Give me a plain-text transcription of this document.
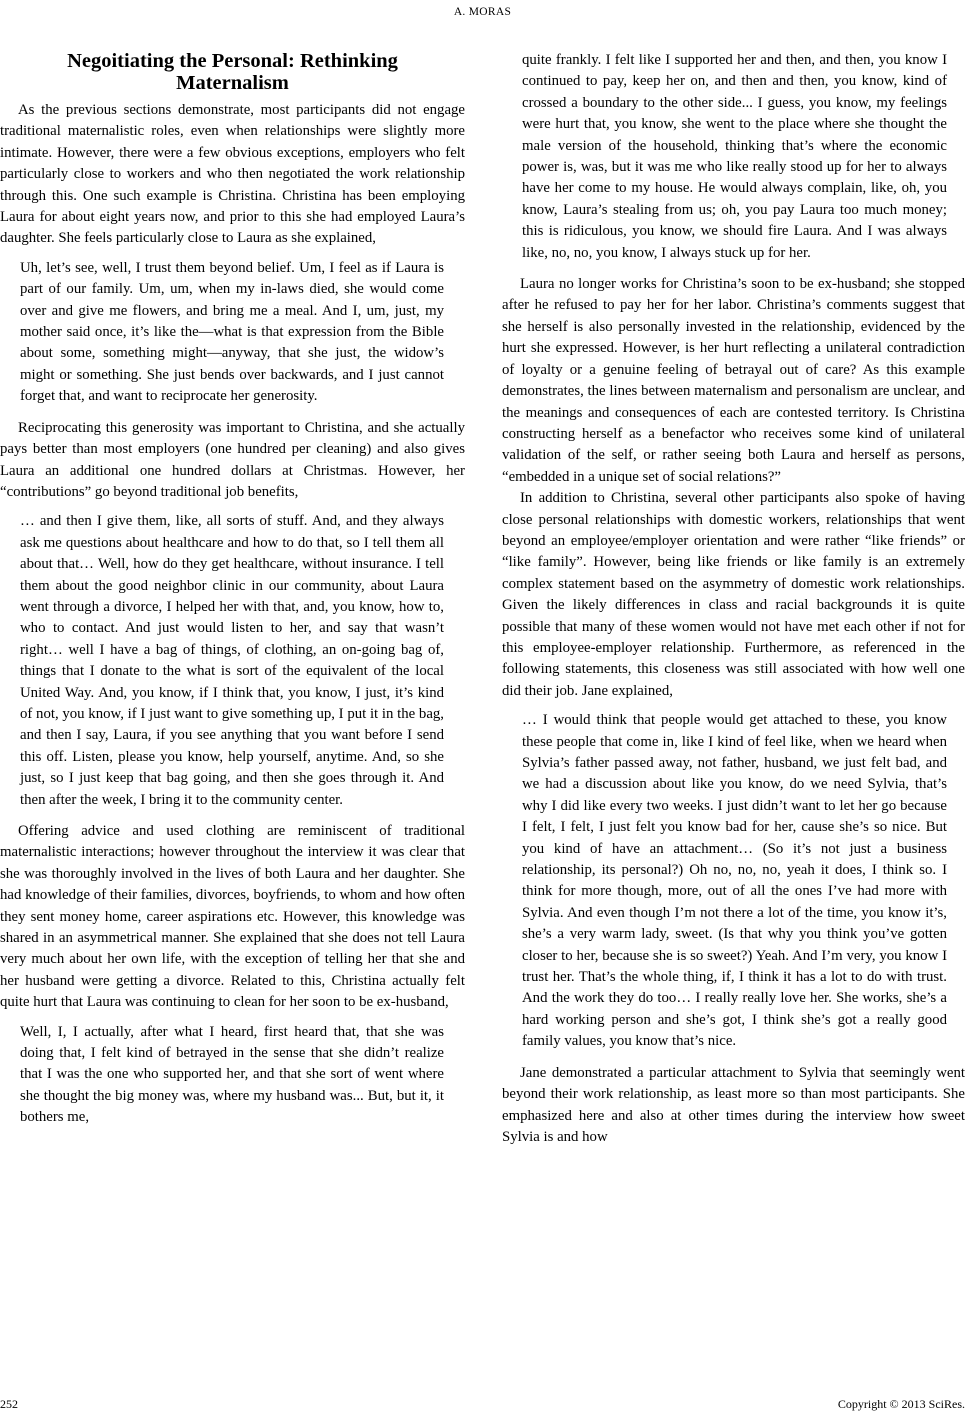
A. MORAS
Negoitiating the Personal: Rethinking Maternalism

As the previous sections demonstrate, most participants did not engage traditional maternalistic roles, even when relationships were slightly more intimate. However, there were a few obvious exceptions, employers who felt particularly close to workers and who then negotiated the work relationship through this. One such example is Christina. Christina has been employing Laura for about eight years now, and prior to this she had employed Laura’s daughter. She feels particularly close to Laura as she explained,

Uh, let’s see, well, I trust them beyond belief. Um, I feel as if Laura is part of our family. Um, um, when my in-laws died, she would come over and give me flowers, and bring me a meal. And I, um, just, my mother said once, it’s like the—what is that expression from the Bible about some, something might—anyway, that she just, the widow’s might or something. She just bends over backwards, and I just cannot forget that, and want to reciprocate her generosity.

Reciprocating this generosity was important to Christina, and she actually pays better than most employers (one hundred per cleaning) and also gives Laura an additional one hundred dollars at Christmas. However, her “contributions” go beyond traditional job benefits,

… and then I give them, like, all sorts of stuff. And, and they always ask me questions about healthcare and how to do that, so I tell them all about that… Well, how do they get healthcare, without insurance. I tell them about the good neighbor clinic in our community, about Laura went through a divorce, I helped her with that, and, you know, how to, who to contact. And just would listen to her, and say that wasn’t right… well I have a bag of things, of clothing, an on-going bag of, things that I donate to the what is sort of the equivalent of the local United Way. And, you know, if I think that, you know, I just, it’s kind of not, you know, if I just want to give something up, I put it in the bag, and then I say, Laura, if you see anything that you want before I send this off. Listen, please you know, help yourself, anytime. And, so she just, so I just keep that bag going, and then she goes through it. And then after the week, I bring it to the community center.

Offering advice and used clothing are reminiscent of traditional maternalistic interactions; however throughout the interview it was clear that she was thoroughly involved in the lives of both Laura and her daughter. She had knowledge of their families, divorces, boyfriends, to whom and how often they sent money home, career aspirations etc. However, this knowledge was shared in an asymmetrical manner. She explained that she does not tell Laura very much about her own life, with the exception of telling her that she and her husband were getting a divorce. Related to this, Christina actually felt quite hurt that Laura was continuing to clean for her soon to be ex-husband,

Well, I, I actually, after what I heard, first heard that, that she was doing that, I felt kind of betrayed in the sense that she didn’t realize that I was the one who supported her, and that she sort of went where she thought the big money was, where my husband was... But, but it, it bothers me,
quite frankly. I felt like I supported her and then, and then, you know I continued to pay, keep her on, and then and then, you know, kind of crossed a boundary to the other side... I guess, you know, my feelings were hurt that, you know, she went to the place where she thought the male version of the household, thinking that’s where the economic power is, was, but it was me who like really stood up for her to always have her come to my house. He would always complain, like, oh, you know, Laura’s stealing from us; oh, you pay Laura too much money; this is ridiculous, you know, we should fire Laura. And I was always like, no, no, you know, I always stuck up for her.

Laura no longer works for Christina’s soon to be ex-husband; she stopped after he refused to pay her for her labor. Christina’s comments suggest that she herself is also personally invested in the relationship, evidenced by the hurt she expressed. However, is her hurt reflecting a unilateral contradiction of loyalty or a genuine feeling of betrayal out of care? As this example demonstrates, the lines between maternalism and personalism are unclear, and the meanings and consequences of each are contested territory. Is Christina constructing herself as a benefactor who receives some kind of unilateral validation of the self, or rather seeing both Laura and herself as persons, “embedded in a unique set of social relations?”

In addition to Christina, several other participants also spoke of having close personal relationships with domestic workers, relationships that went beyond an employee/employer orientation and were rather “like friends” or “like family”. However, being like friends or like family is an extremely complex statement based on the asymmetry of domestic work relationships. Given the likely differences in class and racial backgrounds it is quite possible that many of these women would not have met each other if not for this employee-employer relationship. Furthermore, as referenced in the following statements, this closeness was still associated with how well one did their job. Jane explained,

… I would think that people would get attached to these, you know these people that come in, like I kind of feel like, when we heard when Sylvia’s father passed away, not father, husband, we just felt bad, and we had a discussion about like you know, do we need Sylvia, that’s why I did like every two weeks. I just didn’t want to let her go because I felt, I felt, I just felt you know bad for her, cause she’s so nice. But you kind of have an attachment… (So it’s not just a business relationship, its personal?) Oh no, no, no, yeah it does, I think so. I think for more though, more, out of all the ones I’ve had more with Sylvia. And even though I’m not there a lot of the time, you know it’s, she’s a very warm lady, sweet. (Is that why you think you’ve gotten closer to her, because she is so sweet?) Yeah. And I’m very, you know I trust her. That’s the whole thing, if, I think it has a lot to do with trust. And the work they do too… I really really love her. She works, she’s a hard working person and she’s got, I think she’s got a really good family values, you know that’s nice.

Jane demonstrated a particular attachment to Sylvia that seemingly went beyond their work relationship, as least more so than most participants. She emphasized here and also at other times during the interview how sweet Sylvia is and how

252	Copyright © 2013 SciRes.
